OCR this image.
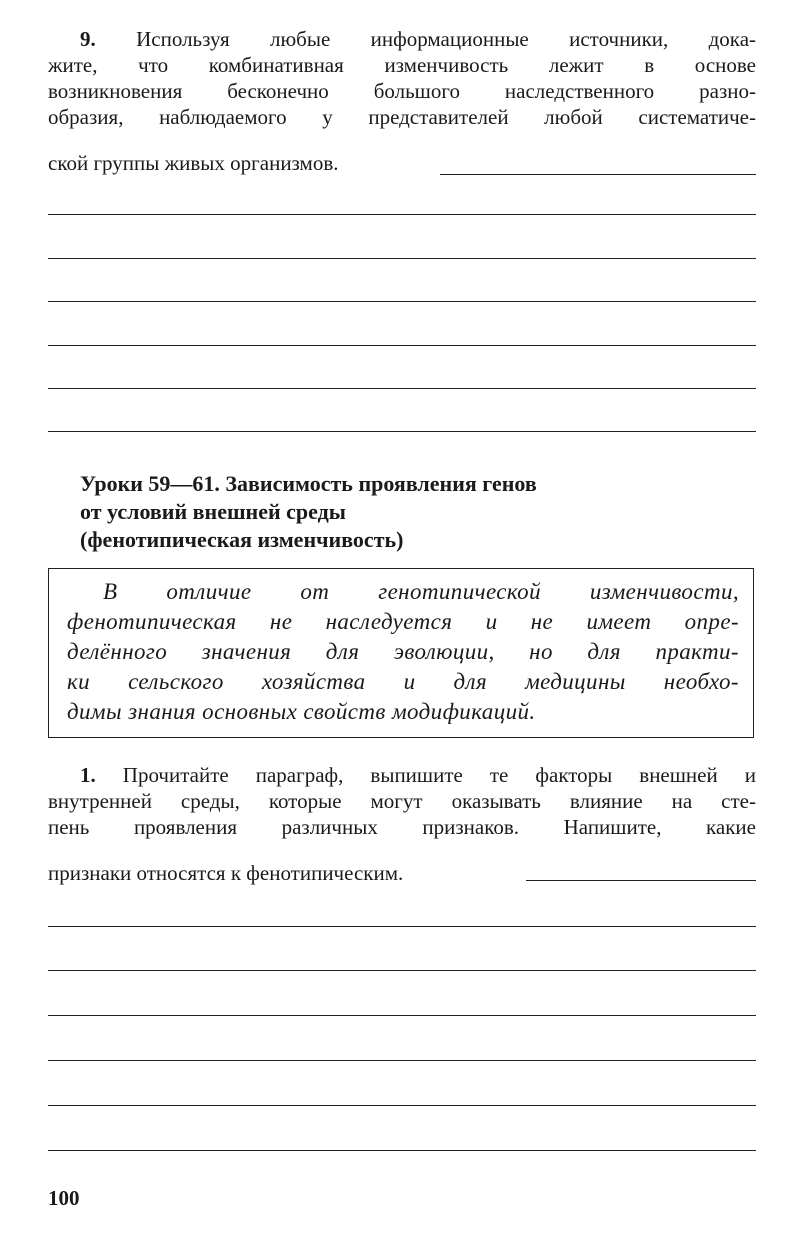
9. Используя любые информационные источники, дока-
жите, что комбинативная изменчивость лежит в основе
возникновения бесконечно большого наследственного разно-
образия, наблюдаемого у представителей любой систематиче-
ской группы живых организмов.
Уроки 59—61. Зависимость проявления генов
от условий внешней среды
(фенотипическая изменчивость)
В отличие от генотипической изменчивости,
фенотипическая не наследуется и не имеет опре-
делённого значения для эволюции, но для практи-
ки сельского хозяйства и для медицины необхо-
димы знания основных свойств модификаций.
1. Прочитайте параграф, выпишите те факторы внешней и
внутренней среды, которые могут оказывать влияние на сте-
пень проявления различных признаков. Напишите, какие
признаки относятся к фенотипическим.
100
